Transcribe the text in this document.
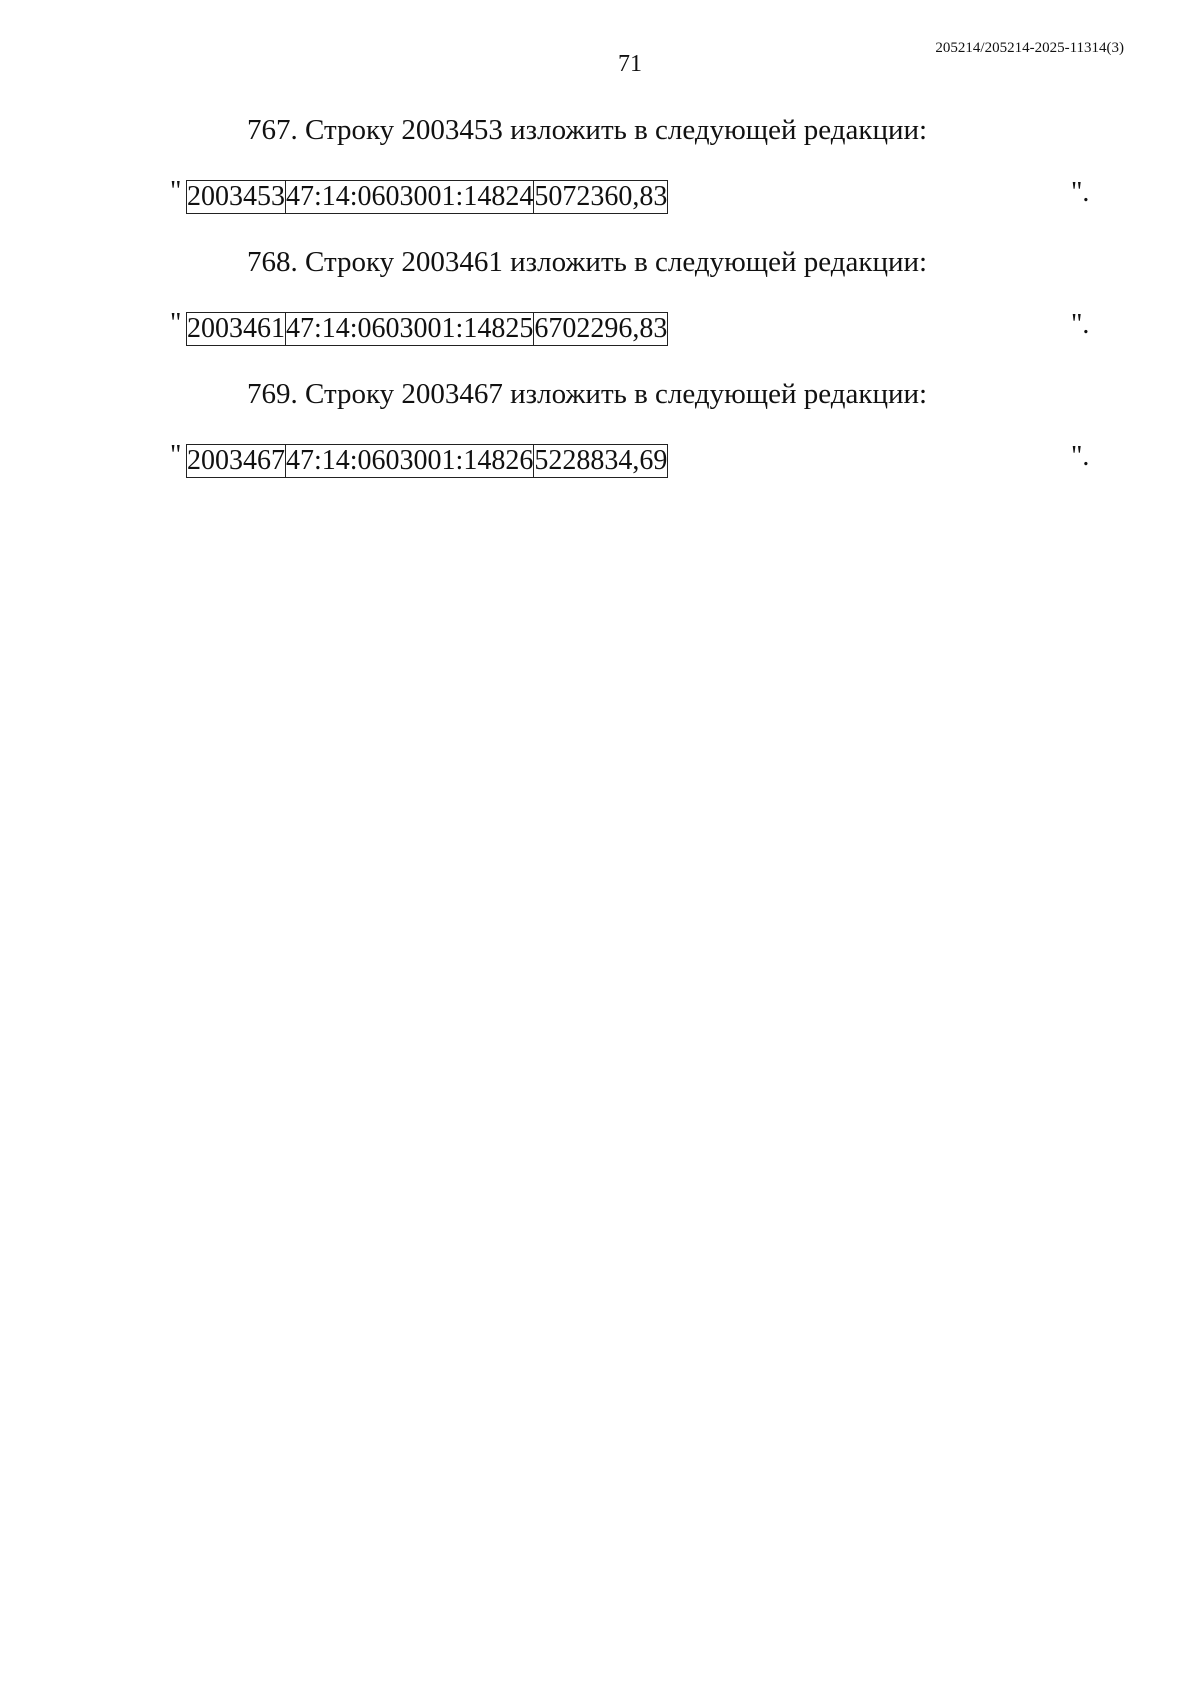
205214/205214-2025-11314(3)
71
767. Строку 2003453 изложить в следующей редакции:
" 2003453	47:14:0603001:14824	5072360,83	".
768. Строку 2003461 изложить в следующей редакции:
" 2003461	47:14:0603001:14825	6702296,83	".
769. Строку 2003467 изложить в следующей редакции:
" 2003467	47:14:0603001:14826	5228834,69	".
